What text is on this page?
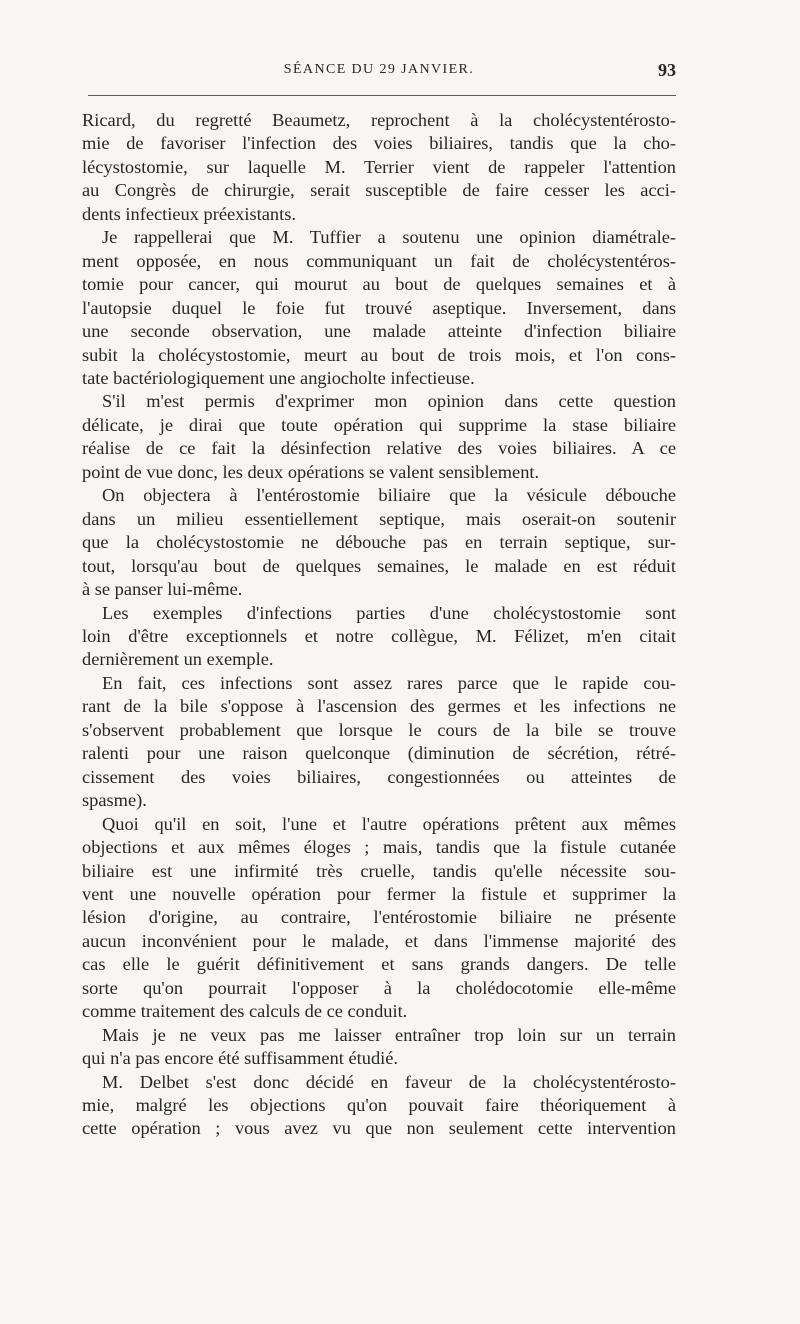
SÉANCE DU 29 JANVIER.	93
Ricard, du regretté Beaumetz, reprochent à la cholécystentérosto-
mie de favoriser l'infection des voies biliaires, tandis que la cho-
lécystostomie, sur laquelle M. Terrier vient de rappeler l'attention
au Congrès de chirurgie, serait susceptible de faire cesser les acci-
dents infectieux préexistants.
Je rappellerai que M. Tuffier a soutenu une opinion diamétrale-
ment opposée, en nous communiquant un fait de cholécystentéros-
tomie pour cancer, qui mourut au bout de quelques semaines et à
l'autopsie duquel le foie fut trouvé aseptique. Inversement, dans
une seconde observation, une malade atteinte d'infection biliaire
subit la cholécystostomie, meurt au bout de trois mois, et l'on cons-
tate bactériologiquement une angiocholte infectieuse.
S'il m'est permis d'exprimer mon opinion dans cette question
délicate, je dirai que toute opération qui supprime la stase biliaire
réalise de ce fait la désinfection relative des voies biliaires. A ce
point de vue donc, les deux opérations se valent sensiblement.
On objectera à l'entérostomie biliaire que la vésicule débouche
dans un milieu essentiellement septique, mais oserait-on soutenir
que la cholécystostomie ne débouche pas en terrain septique, sur-
tout, lorsqu'au bout de quelques semaines, le malade en est réduit
à se panser lui-même.
Les exemples d'infections parties d'une cholécystostomie sont
loin d'être exceptionnels et notre collègue, M. Félizet, m'en citait
dernièrement un exemple.
En fait, ces infections sont assez rares parce que le rapide cou-
rant de la bile s'oppose à l'ascension des germes et les infections ne
s'observent probablement que lorsque le cours de la bile se trouve
ralenti pour une raison quelconque (diminution de sécrétion, rétré-
cissement des voies biliaires, congestionnées ou atteintes de
spasme).
Quoi qu'il en soit, l'une et l'autre opérations prêtent aux mêmes
objections et aux mêmes éloges ; mais, tandis que la fistule cutanée
biliaire est une infirmité très cruelle, tandis qu'elle nécessite sou-
vent une nouvelle opération pour fermer la fistule et supprimer la
lésion d'origine, au contraire, l'entérostomie biliaire ne présente
aucun inconvénient pour le malade, et dans l'immense majorité des
cas elle le guérit définitivement et sans grands dangers. De telle
sorte qu'on pourrait l'opposer à la cholédocotomie elle-même
comme traitement des calculs de ce conduit.
Mais je ne veux pas me laisser entraîner trop loin sur un terrain
qui n'a pas encore été suffisamment étudié.
M. Delbet s'est donc décidé en faveur de la cholécystentérosto-
mie, malgré les objections qu'on pouvait faire théoriquement à
cette opération ; vous avez vu que non seulement cette intervention
